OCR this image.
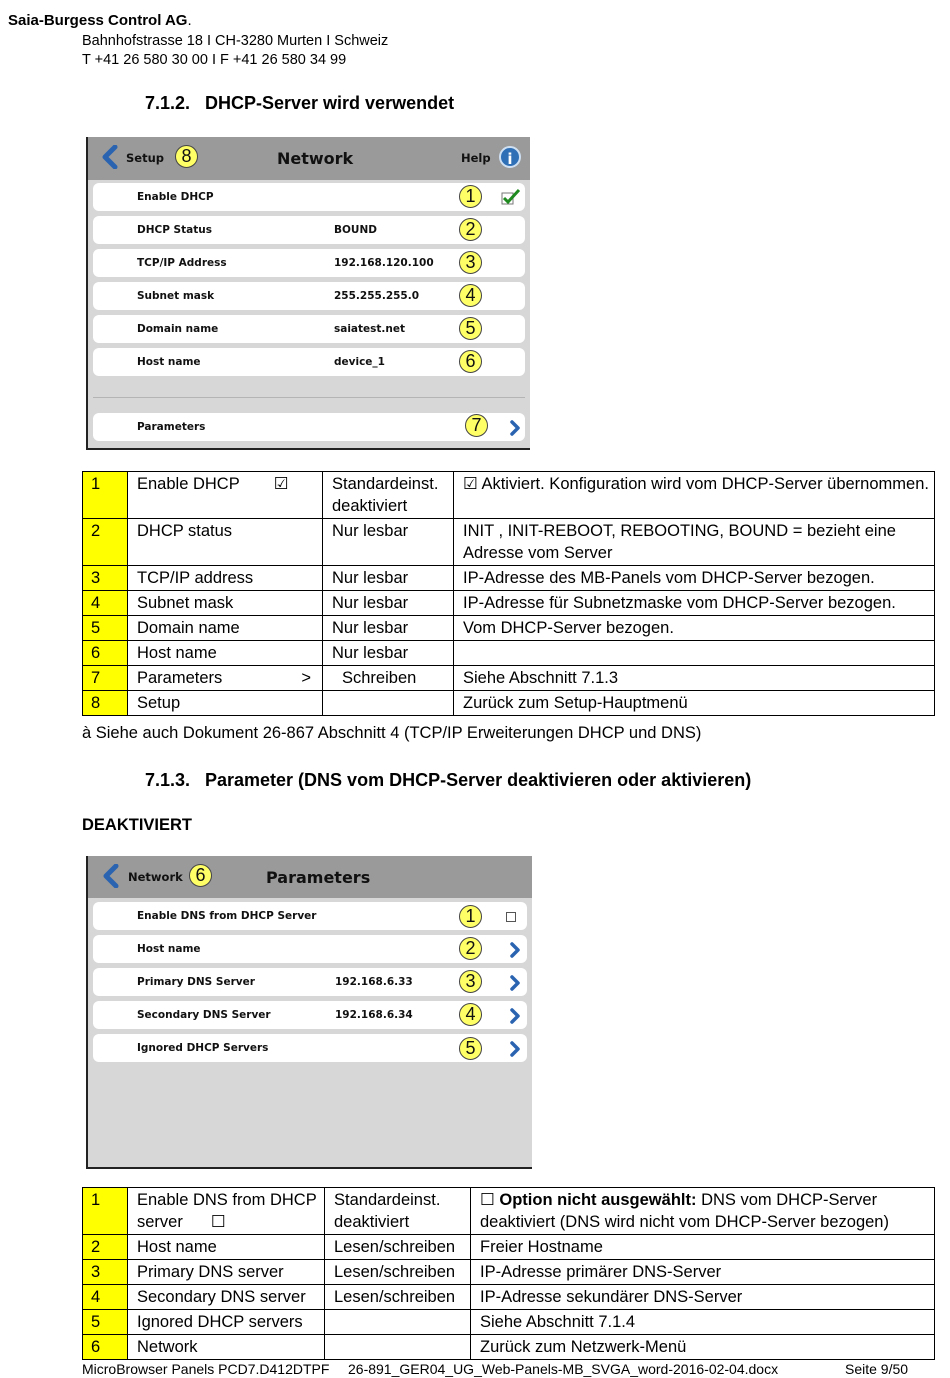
Saia-Burgess Control AG.
Bahnhofstrasse 18 I CH-3280 Murten I Schweiz
T +41 26 580 30 00 I F +41 26 580 34 99
7.1.2. DHCP-Server wird verwendet
Setup 8	Network	Help	i
Enable DHCP	1
DHCP Status	BOUND	2
TCP/IP Address	192.168.120.100	3
Subnet mask	255.255.255.0	4
Domain name	saiatest.net	5
Host name	device_1	6
Parameters	7
1	Enable DHCP ☑	Standardeinst. deaktiviert	☑ Aktiviert. Konfiguration wird vom DHCP-Server übernommen.
2	DHCP status	Nur lesbar	INIT , INIT-REBOOT, REBOOTING, BOUND = bezieht eine Adresse vom Server
3	TCP/IP address	Nur lesbar	IP-Adresse des MB-Panels vom DHCP-Server bezogen.
4	Subnet mask	Nur lesbar	IP-Adresse für Subnetzmaske vom DHCP-Server bezogen.
5	Domain name	Nur lesbar	Vom DHCP-Server bezogen.
6	Host name	Nur lesbar	
7	Parameters >	Schreiben	Siehe Abschnitt 7.1.3
8	Setup		Zurück zum Setup-Hauptmenü
à Siehe auch Dokument 26-867 Abschnitt 4 (TCP/IP Erweiterungen DHCP und DNS)
7.1.3. Parameter (DNS vom DHCP-Server deaktivieren oder aktivieren)
DEAKTIVIERT
Network 6	Parameters
Enable DNS from DHCP Server	1
Host name	2
Primary DNS Server	192.168.6.33	3
Secondary DNS Server	192.168.6.34	4
Ignored DHCP Servers	5
1	Enable DNS from DHCP server ☐	Standardeinst. deaktiviert	☐ Option nicht ausgewählt: DNS vom DHCP-Server deaktiviert (DNS wird nicht vom DHCP-Server bezogen)
2	Host name	Lesen/schreiben	Freier Hostname
3	Primary DNS server	Lesen/schreiben	IP-Adresse primärer DNS-Server
4	Secondary DNS server	Lesen/schreiben	IP-Adresse sekundärer DNS-Server
5	Ignored DHCP servers		Siehe Abschnitt 7.1.4
6	Network		Zurück zum Netzwerk-Menü
MicroBrowser Panels PCD7.D412DTPF 26-891_GER04_UG_Web-Panels-MB_SVGA_word-2016-02-04.docx	Seite 9/50
